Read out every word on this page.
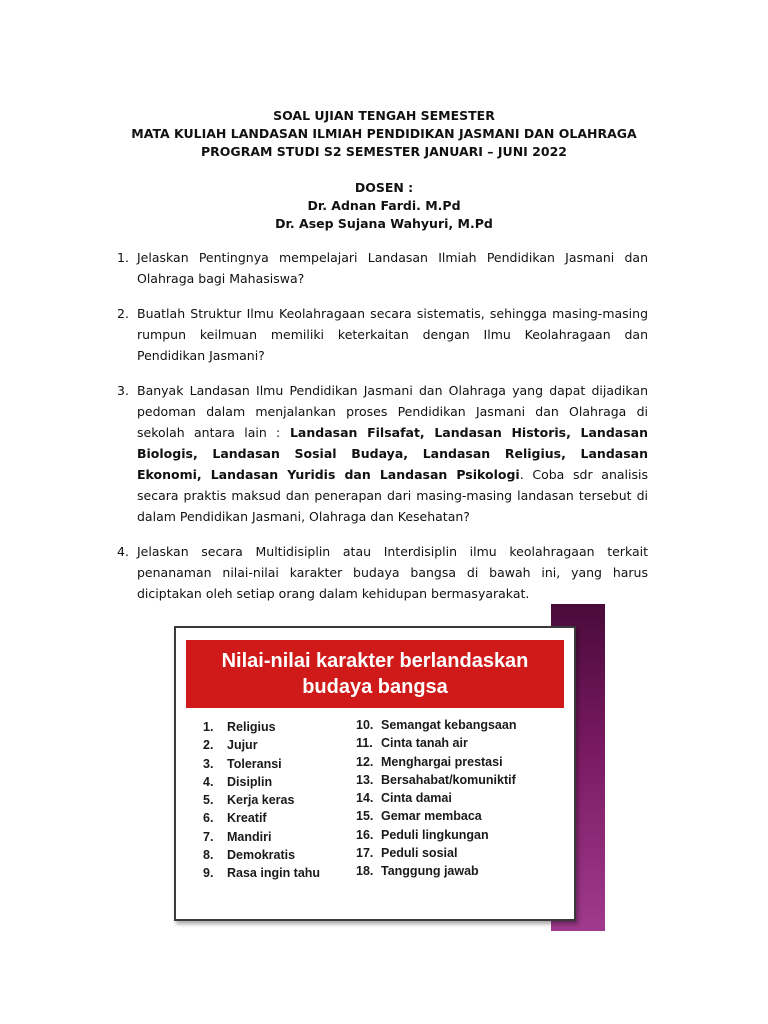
SOAL UJIAN TENGAH SEMESTER
MATA KULIAH LANDASAN ILMIAH PENDIDIKAN JASMANI DAN OLAHRAGA
PROGRAM STUDI S2 SEMESTER JANUARI – JUNI 2022
DOSEN :
Dr. Adnan Fardi. M.Pd
Dr. Asep Sujana Wahyuri, M.Pd
1. Jelaskan Pentingnya mempelajari Landasan Ilmiah Pendidikan Jasmani dan Olahraga bagi Mahasiswa?
2. Buatlah Struktur Ilmu Keolahragaan secara sistematis, sehingga masing-masing rumpun keilmuan memiliki keterkaitan dengan Ilmu Keolahragaan dan Pendidikan Jasmani?
3. Banyak Landasan Ilmu Pendidikan Jasmani dan Olahraga yang dapat dijadikan pedoman dalam menjalankan proses Pendidikan Jasmani dan Olahraga di sekolah antara lain : Landasan Filsafat, Landasan Historis, Landasan Biologis, Landasan Sosial Budaya, Landasan Religius, Landasan Ekonomi, Landasan Yuridis dan Landasan Psikologi. Coba sdr analisis secara praktis maksud dan penerapan dari masing-masing landasan tersebut di dalam Pendidikan Jasmani, Olahraga dan Kesehatan?
4. Jelaskan secara Multidisiplin atau Interdisiplin ilmu keolahragaan terkait penanaman nilai-nilai karakter budaya bangsa di bawah ini, yang harus diciptakan oleh setiap orang dalam kehidupan bermasyarakat.
Nilai-nilai karakter berlandaskan
budaya bangsa
1.	Religius
2.	Jujur
3.	Toleransi
4.	Disiplin
5.	Kerja keras
6.	Kreatif
7.	Mandiri
8.	Demokratis
9.	Rasa ingin tahu
10. Semangat kebangsaan
11. Cinta tanah air
12. Menghargai prestasi
13. Bersahabat/komuniktif
14. Cinta damai
15. Gemar membaca
16. Peduli lingkungan
17. Peduli sosial
18. Tanggung jawab
